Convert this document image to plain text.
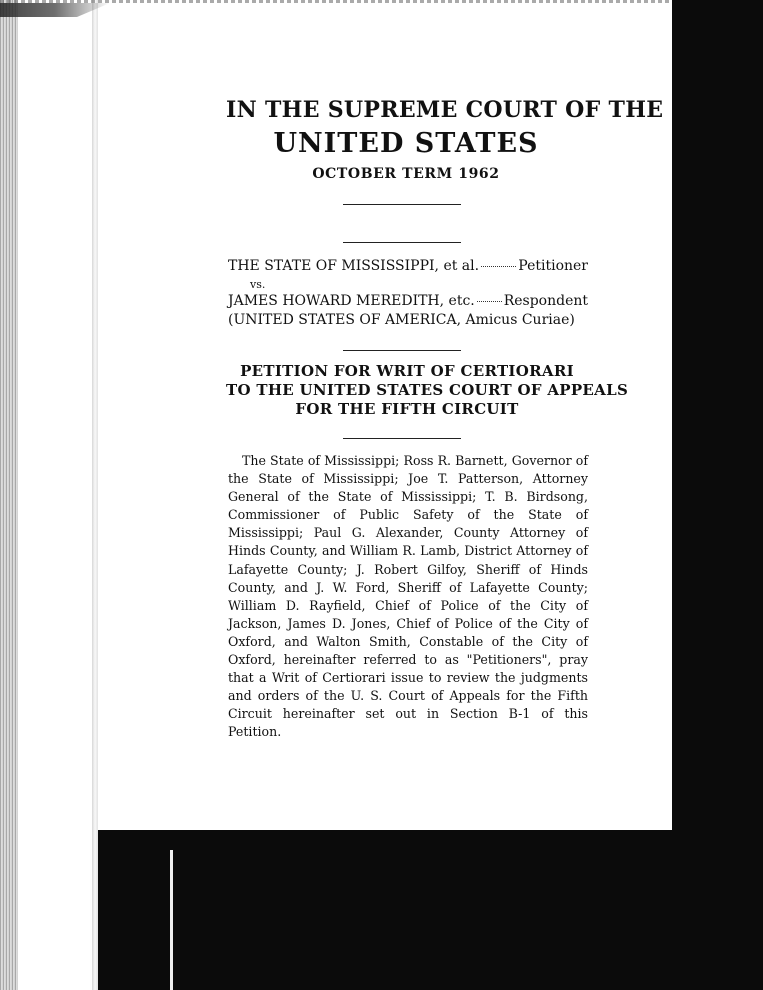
IN THE SUPREME COURT OF THE
UNITED STATES
OCTOBER TERM 1962
THE STATE OF MISSISSIPPI, et al.	Petitioner
vs.
JAMES HOWARD MEREDITH, etc. Respondent
(UNITED STATES OF AMERICA, Amicus Curiae)
PETITION FOR WRIT OF CERTIORARI
TO THE UNITED STATES COURT OF APPEALS
FOR THE FIFTH CIRCUIT
The State of Mississippi; Ross R. Barnett, Governor of the State of Mississippi; Joe T. Patterson, Attorney General of the State of Mississippi; T. B. Birdsong, Commissioner of Public Safety of the State of Mississippi; Paul G. Alexander, County Attorney of Hinds County, and William R. Lamb, District Attorney of Lafayette County; J. Robert Gilfoy, Sheriff of Hinds County, and J. W. Ford, Sheriff of Lafayette County; William D. Rayfield, Chief of Police of the City of Jackson, James D. Jones, Chief of Police of the City of Oxford, and Walton Smith, Constable of the City of Oxford, hereinafter referred to as "Petitioners", pray that a Writ of Certiorari issue to review the judgments and orders of the U. S. Court of Appeals for the Fifth Circuit hereinafter set out in Section B-1 of this Petition.
